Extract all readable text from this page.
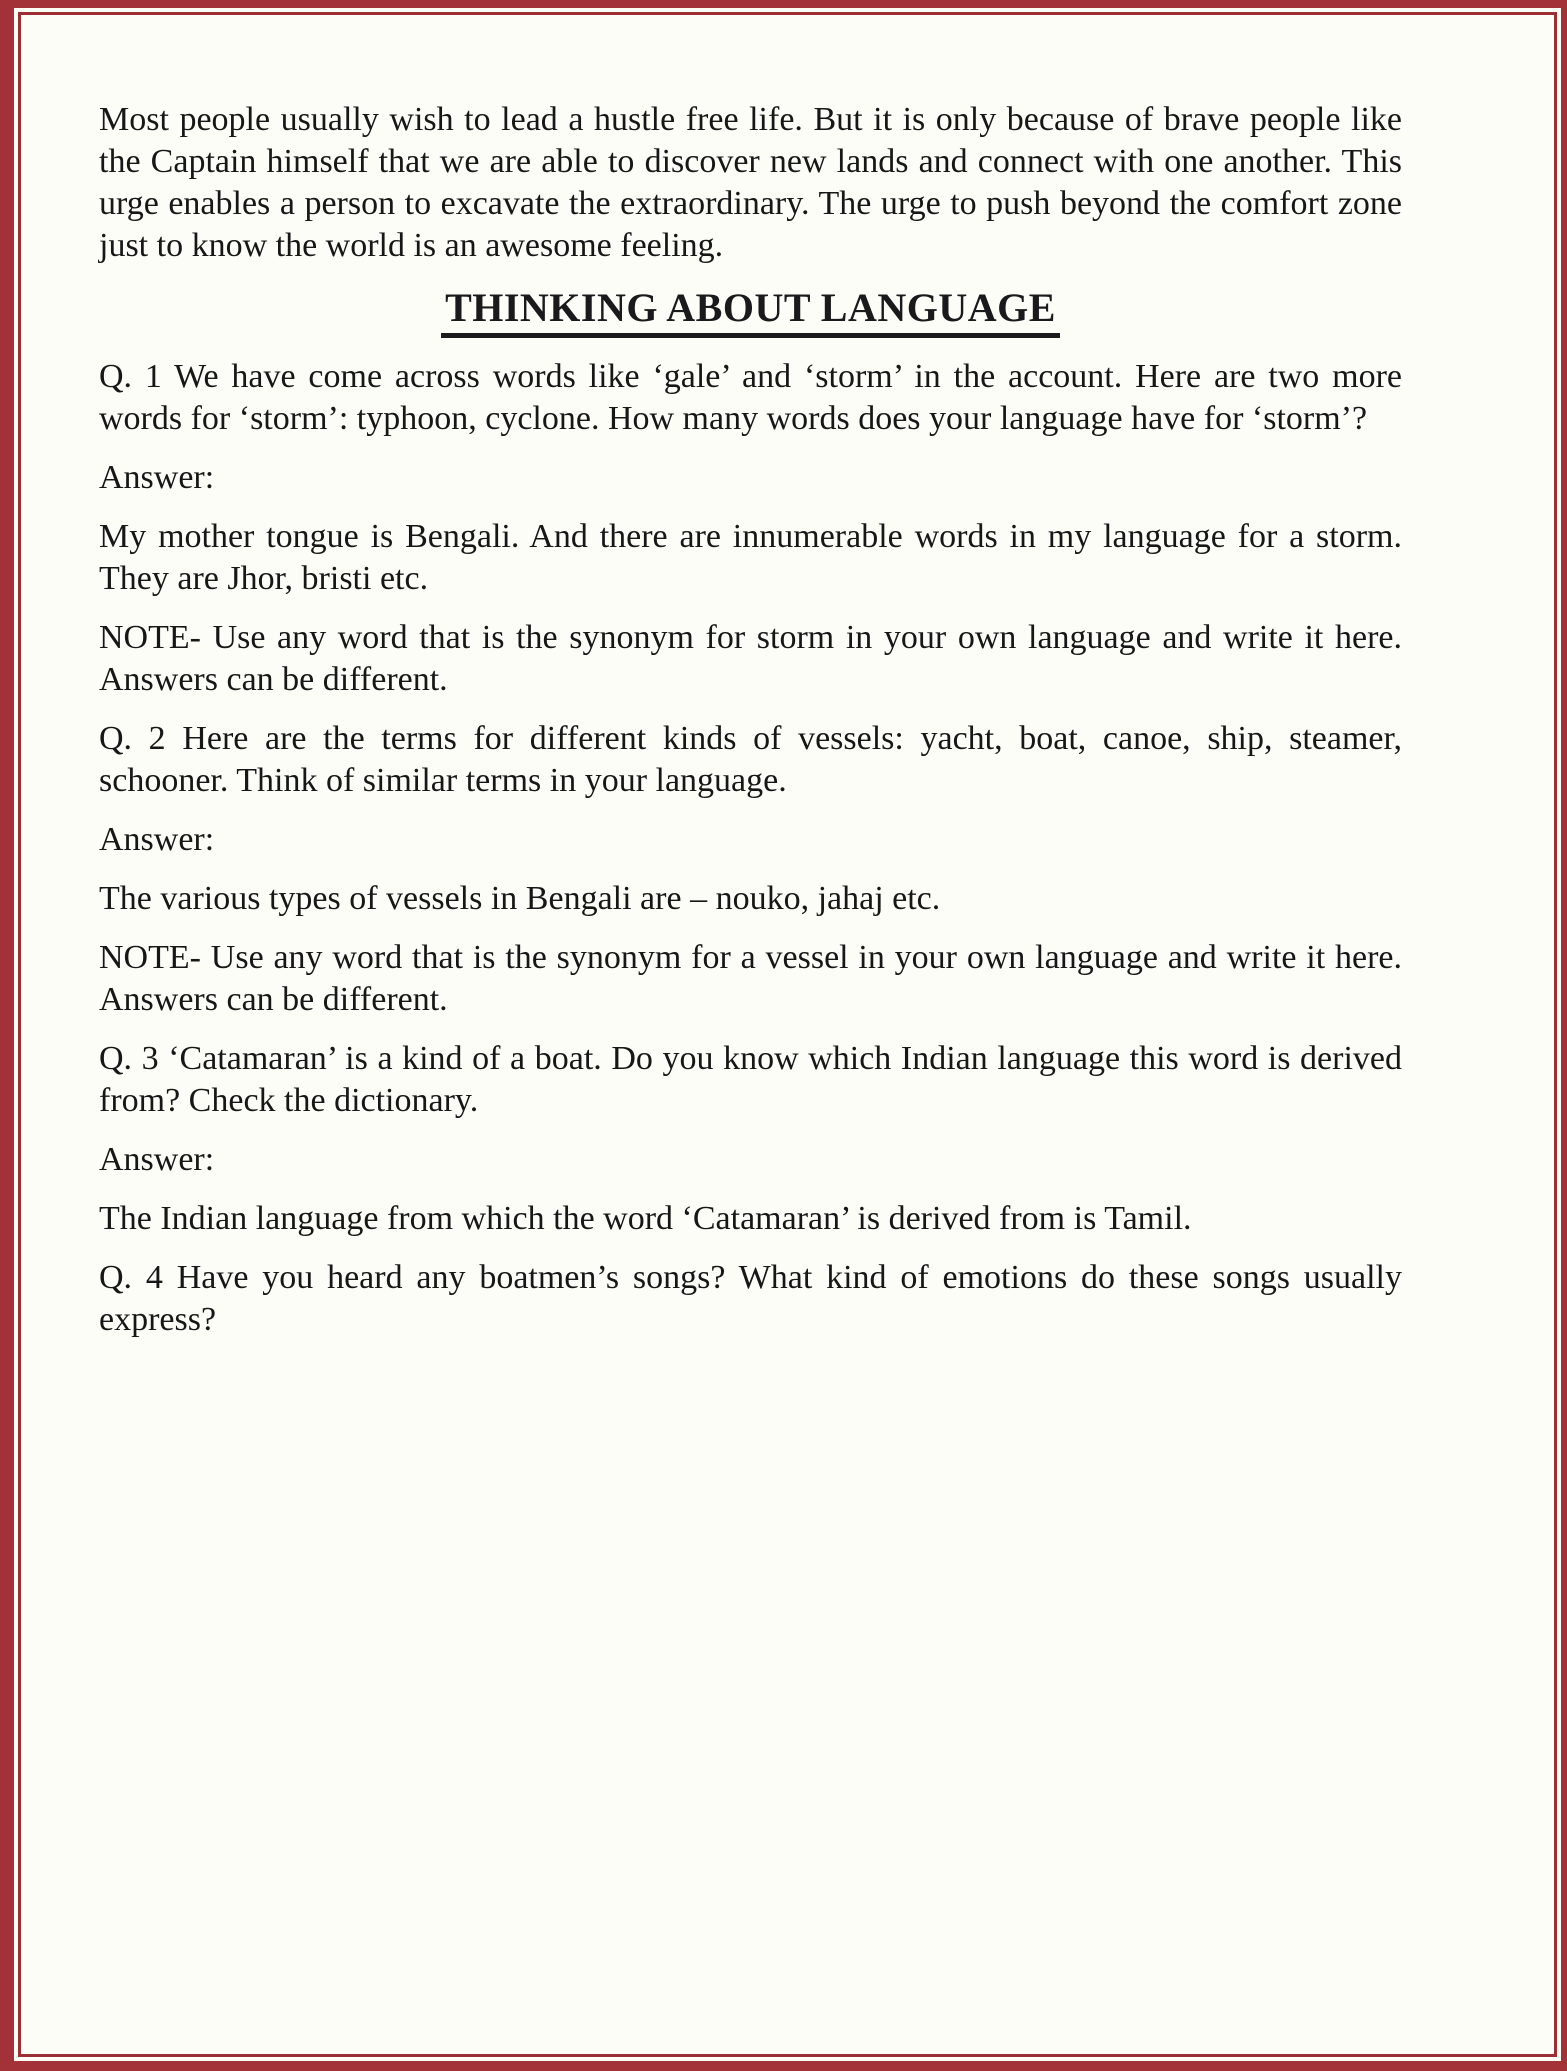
Most people usually wish to lead a hustle free life. But it is only because of brave people like the Captain himself that we are able to discover new lands and connect with one another. This urge enables a person to excavate the extraordinary. The urge to push beyond the comfort zone just to know the world is an awesome feeling.

THINKING ABOUT LANGUAGE

Q. 1 We have come across words like ‘gale’ and ‘storm’ in the account. Here are two more words for ‘storm’: typhoon, cyclone. How many words does your language have for ‘storm’?

Answer:

My mother tongue is Bengali. And there are innumerable words in my language for a storm. They are Jhor, bristi etc.

NOTE- Use any word that is the synonym for storm in your own language and write it here. Answers can be different.

Q. 2 Here are the terms for different kinds of vessels: yacht, boat, canoe, ship, steamer, schooner. Think of similar terms in your language.

Answer:

The various types of vessels in Bengali are – nouko, jahaj etc.

NOTE- Use any word that is the synonym for a vessel in your own language and write it here. Answers can be different.

Q. 3 ‘Catamaran’ is a kind of a boat. Do you know which Indian language this word is derived from? Check the dictionary.

Answer:

The Indian language from which the word ‘Catamaran’ is derived from is Tamil.

Q. 4 Have you heard any boatmen’s songs? What kind of emotions do these songs usually express?
